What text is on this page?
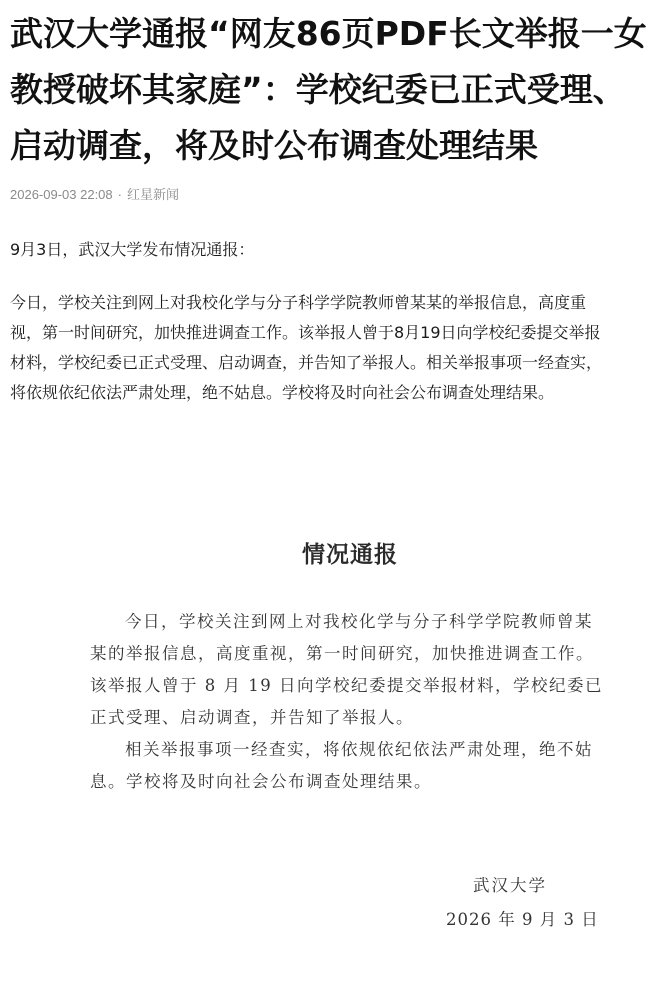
武汉大学通报“网友86页PDF长文举报一女
教授破坏其家庭”：学校纪委已正式受理、
启动调查，将及时公布调查处理结果
2026-09-03 22:08 · 红星新闻

9月3日，武汉大学发布情况通报：

今日，学校关注到网上对我校化学与分子科学学院教师曾某某的举报信息，高度重
视，第一时间研究，加快推进调查工作。该举报人曾于8月19日向学校纪委提交举报
材料，学校纪委已正式受理、启动调查，并告知了举报人。相关举报事项一经查实，
将依规依纪依法严肃处理，绝不姑息。学校将及时向社会公布调查处理结果。

情况通报

今日，学校关注到网上对我校化学与分子科学学院教师曾某
某的举报信息，高度重视，第一时间研究，加快推进调查工作。
该举报人曾于 8 月 19 日向学校纪委提交举报材料，学校纪委已
正式受理、启动调查，并告知了举报人。

相关举报事项一经查实，将依规依纪依法严肃处理，绝不姑
息。学校将及时向社会公布调查处理结果。

武汉大学
2026 年 9 月 3 日
